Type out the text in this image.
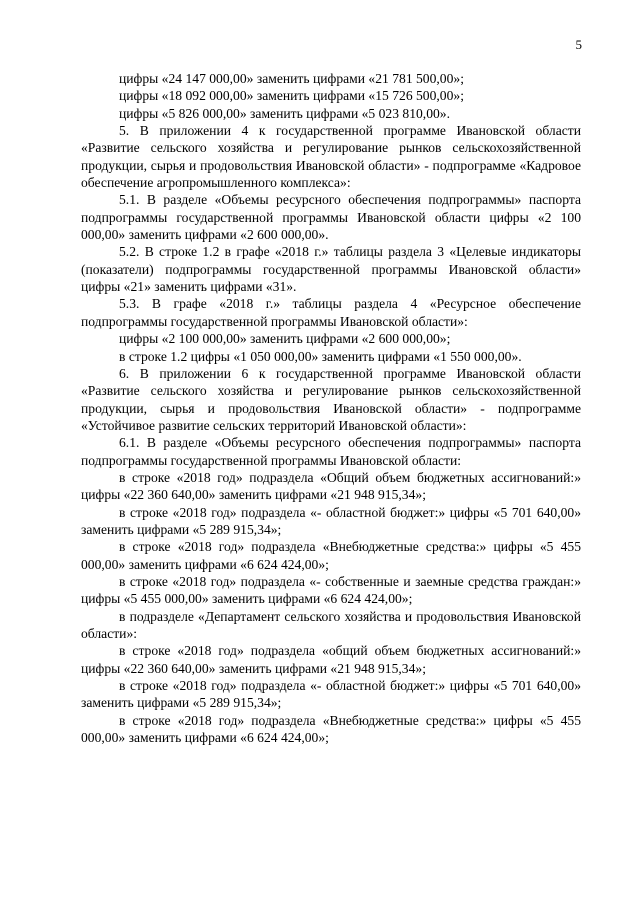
5

цифры «24 147 000,00» заменить цифрами «21 781 500,00»;

цифры «18 092 000,00» заменить цифрами «15 726 500,00»;

цифры «5 826 000,00» заменить цифрами «5 023 810,00».

5. В приложении 4 к государственной программе Ивановской области «Развитие сельского хозяйства и регулирование рынков сельскохозяйственной продукции, сырья и продовольствия Ивановской области» - подпрограмме «Кадровое обеспечение агропромышленного комплекса»:

5.1. В разделе «Объемы ресурсного обеспечения подпрограммы» паспорта подпрограммы государственной программы Ивановской области цифры «2 100 000,00» заменить цифрами «2 600 000,00».

5.2. В строке 1.2 в графе «2018 г.» таблицы раздела 3 «Целевые индикаторы (показатели) подпрограммы государственной программы Ивановской области» цифры «21» заменить цифрами «31».

5.3. В графе «2018 г.» таблицы раздела 4 «Ресурсное обеспечение подпрограммы государственной программы Ивановской области»:

цифры «2 100 000,00» заменить цифрами «2 600 000,00»;

в строке 1.2 цифры «1 050 000,00» заменить цифрами «1 550 000,00».

6. В приложении 6 к государственной программе Ивановской области «Развитие сельского хозяйства и регулирование рынков сельскохозяйственной продукции, сырья и продовольствия Ивановской области» - подпрограмме «Устойчивое развитие сельских территорий Ивановской области»:

6.1. В разделе «Объемы ресурсного обеспечения подпрограммы» паспорта подпрограммы государственной программы Ивановской области:

в строке «2018 год» подраздела «Общий объем бюджетных ассигнований:» цифры «22 360 640,00» заменить цифрами «21 948 915,34»;

в строке «2018 год» подраздела «- областной бюджет:» цифры «5 701 640,00» заменить цифрами «5 289 915,34»;

в строке «2018 год» подраздела «Внебюджетные средства:» цифры «5 455 000,00» заменить цифрами «6 624 424,00»;

в строке «2018 год» подраздела «- собственные и заемные средства граждан:» цифры «5 455 000,00» заменить цифрами «6 624 424,00»;

в подразделе «Департамент сельского хозяйства и продовольствия Ивановской области»:

в строке «2018 год» подраздела «общий объем бюджетных ассигнований:» цифры «22 360 640,00» заменить цифрами «21 948 915,34»;

в строке «2018 год» подраздела «- областной бюджет:» цифры «5 701 640,00» заменить цифрами «5 289 915,34»;

в строке «2018 год» подраздела «Внебюджетные средства:» цифры «5 455 000,00» заменить цифрами «6 624 424,00»;
